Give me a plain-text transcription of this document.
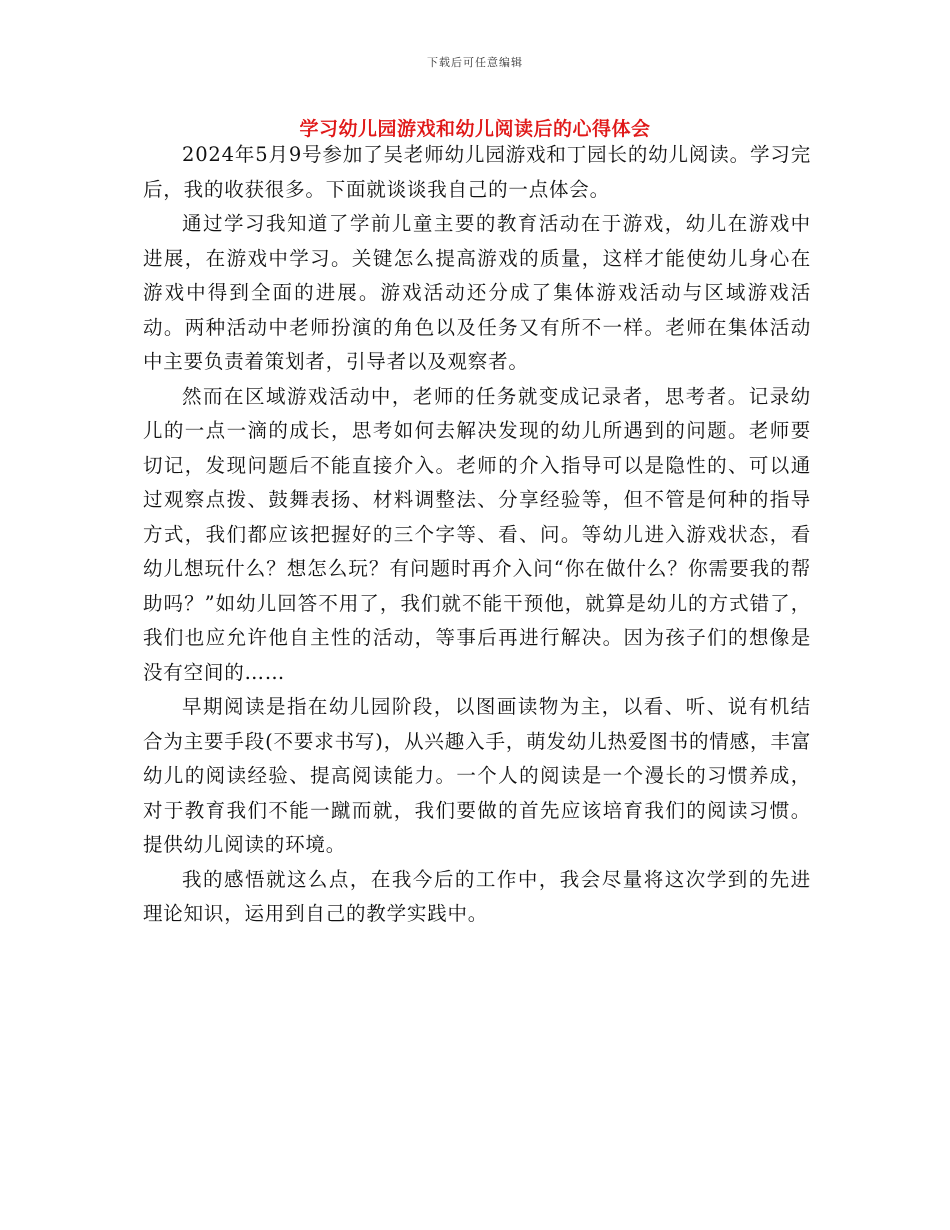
下载后可任意编辑
学习幼儿园游戏和幼儿阅读后的心得体会

2024年5月9号参加了吴老师幼儿园游戏和丁园长的幼儿阅读。学习完后，我的收获很多。下面就谈谈我自己的一点体会。

通过学习我知道了学前儿童主要的教育活动在于游戏，幼儿在游戏中进展，在游戏中学习。关键怎么提高游戏的质量，这样才能使幼儿身心在游戏中得到全面的进展。游戏活动还分成了集体游戏活动与区域游戏活动。两种活动中老师扮演的角色以及任务又有所不一样。老师在集体活动中主要负责着策划者，引导者以及观察者。

然而在区域游戏活动中，老师的任务就变成记录者，思考者。记录幼儿的一点一滴的成长，思考如何去解决发现的幼儿所遇到的问题。老师要切记，发现问题后不能直接介入。老师的介入指导可以是隐性的、可以通过观察点拨、鼓舞表扬、材料调整法、分享经验等，但不管是何种的指导方式，我们都应该把握好的三个字等、看、问。等幼儿进入游戏状态，看幼儿想玩什么？想怎么玩？有问题时再介入问“你在做什么？你需要我的帮助吗？”如幼儿回答不用了，我们就不能干预他，就算是幼儿的方式错了，我们也应允许他自主性的活动，等事后再进行解决。因为孩子们的想像是没有空间的……

早期阅读是指在幼儿园阶段，以图画读物为主，以看、听、说有机结合为主要手段(不要求书写)，从兴趣入手，萌发幼儿热爱图书的情感，丰富幼儿的阅读经验、提高阅读能力。一个人的阅读是一个漫长的习惯养成，对于教育我们不能一蹴而就，我们要做的首先应该培育我们的阅读习惯。提供幼儿阅读的环境。

我的感悟就这么点，在我今后的工作中，我会尽量将这次学到的先进理论知识，运用到自己的教学实践中。
